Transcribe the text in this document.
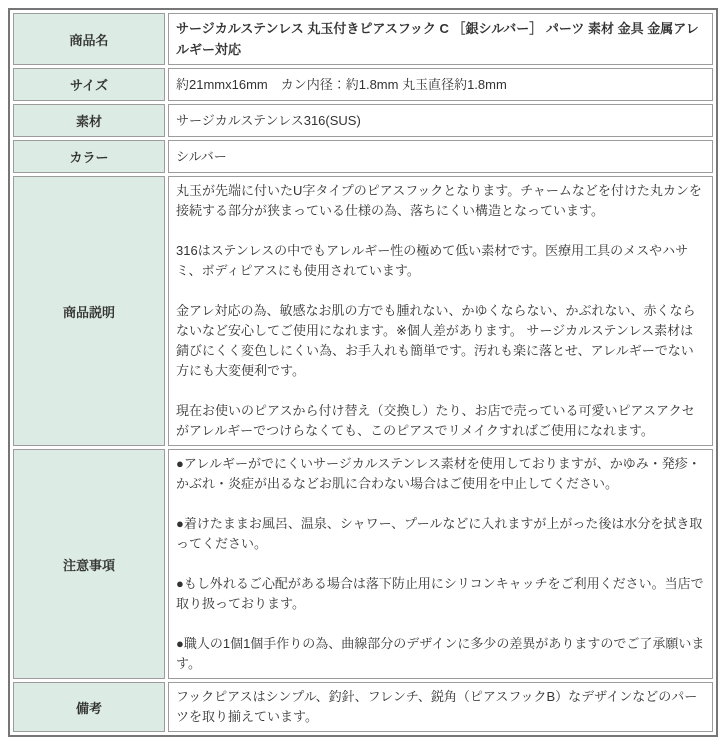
商品名	サージカルステンレス 丸玉付きピアスフック C ［銀シルバー］ パーツ 素材 金具 金属アレルギー対応
サイズ	約21mmx16mm　カン内径：約1.8mm 丸玉直径約1.8mm
素材	サージカルステンレス316(SUS)
カラー	シルバー
商品説明	丸玉が先端に付いたU字タイプのピアスフックとなります。チャームなどを付けた丸カンを接続する部分が狭まっている仕様の為、落ちにくい構造となっています。

316はステンレスの中でもアレルギー性の極めて低い素材です。医療用工具のメスやハサミ、ボディピアスにも使用されています。

金アレ対応の為、敏感なお肌の方でも腫れない、かゆくならない、かぶれない、赤くならないなど安心してご使用になれます。※個人差があります。 サージカルステンレス素材は錆びにくく変色しにくい為、お手入れも簡単です。汚れも楽に落とせ、アレルギーでない方にも大変便利です。

現在お使いのピアスから付け替え（交換し）たり、お店で売っている可愛いピアスアクセがアレルギーでつけらなくても、このピアスでリメイクすればご使用になれます。

注意事項	●アレルギーがでにくいサージカルステンレス素材を使用しておりますが、かゆみ・発疹・かぶれ・炎症が出るなどお肌に合わない場合はご使用を中止してください。

●着けたままお風呂、温泉、シャワー、プールなどに入れますが上がった後は水分を拭き取ってください。

●もし外れるご心配がある場合は落下防止用にシリコンキャッチをご利用ください。当店で取り扱っております。

●職人の1個1個手作りの為、曲線部分のデザインに多少の差異がありますのでご了承願います。

備考	フックピアスはシンプル、釣針、フレンチ、鋭角（ピアスフックB）なデザインなどのパーツを取り揃えています。
